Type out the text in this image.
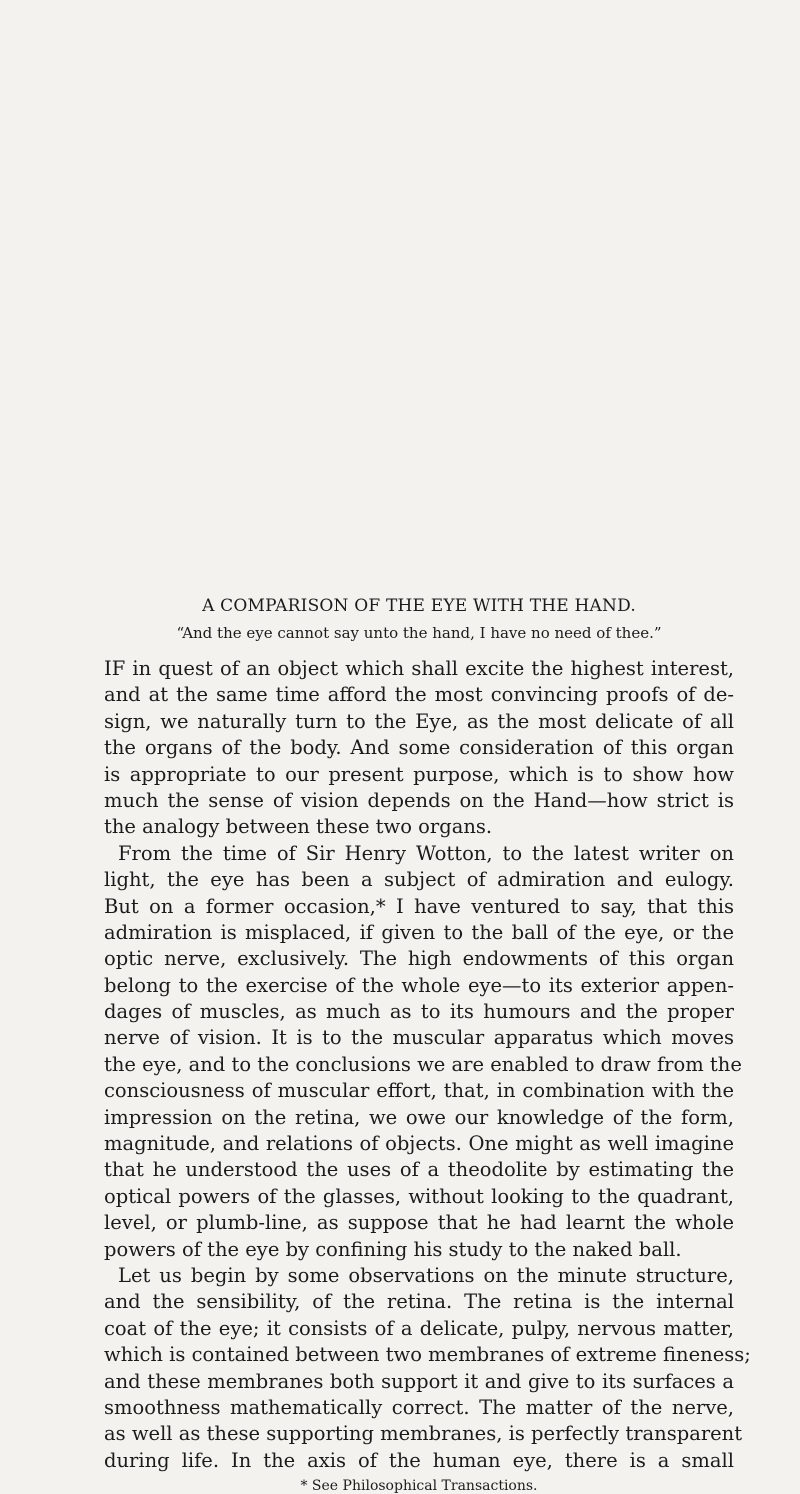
A COMPARISON OF THE EYE WITH THE HAND.
“And the eye cannot say unto the hand, I have no need of thee.”
IF in quest of an object which shall excite the highest interest,
and at the same time afford the most convincing proofs of de-
sign, we naturally turn to the Eye, as the most delicate of all
the organs of the body. And some consideration of this organ
is appropriate to our present purpose, which is to show how
much the sense of vision depends on the Hand—how strict is
the analogy between these two organs.
From the time of Sir Henry Wotton, to the latest writer on
light, the eye has been a subject of admiration and eulogy.
But on a former occasion,* I have ventured to say, that this
admiration is misplaced, if given to the ball of the eye, or the
optic nerve, exclusively. The high endowments of this organ
belong to the exercise of the whole eye—to its exterior appen-
dages of muscles, as much as to its humours and the proper
nerve of vision. It is to the muscular apparatus which moves
the eye, and to the conclusions we are enabled to draw from the
consciousness of muscular effort, that, in combination with the
impression on the retina, we owe our knowledge of the form,
magnitude, and relations of objects. One might as well imagine
that he understood the uses of a theodolite by estimating the
optical powers of the glasses, without looking to the quadrant,
level, or plumb-line, as suppose that he had learnt the whole
powers of the eye by confining his study to the naked ball.
Let us begin by some observations on the minute structure,
and the sensibility, of the retina. The retina is the internal
coat of the eye; it consists of a delicate, pulpy, nervous matter,
which is contained between two membranes of extreme fineness;
and these membranes both support it and give to its surfaces a
smoothness mathematically correct. The matter of the nerve,
as well as these supporting membranes, is perfectly transparent
during life. In the axis of the human eye, there is a small
* See Philosophical Transactions.
